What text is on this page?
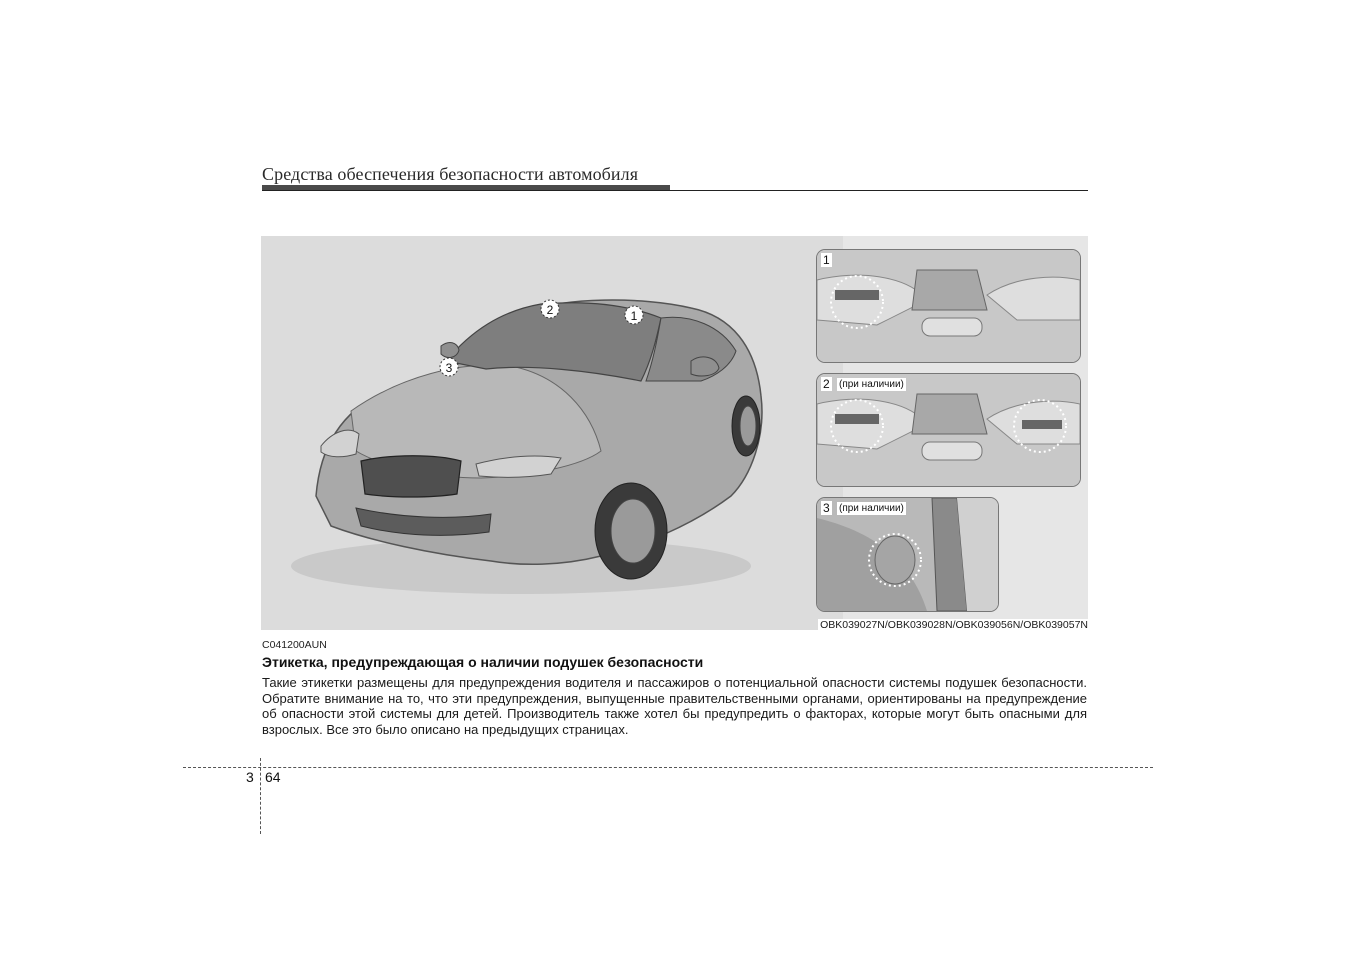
Средства обеспечения безопасности автомобиля
1
2
3
1
2 (при наличии)
3 (при наличии)
OBK039027N/OBK039028N/OBK039056N/OBK039057N
C041200AUN
Этикетка, предупреждающая о наличии подушек безопасности

Такие этикетки размещены для предупреждения водителя и пассажиров о потенциальной опасности системы подушек безопасности. Обратите внимание на то, что эти предупреждения, выпущенные правительственными органами, ориентированы на предупреждение об опасности этой системы для детей. Производитель также хотел бы предупредить о факторах, которые могут быть опасными для взрослых. Все это было описано на предыдущих страницах.

3 64
